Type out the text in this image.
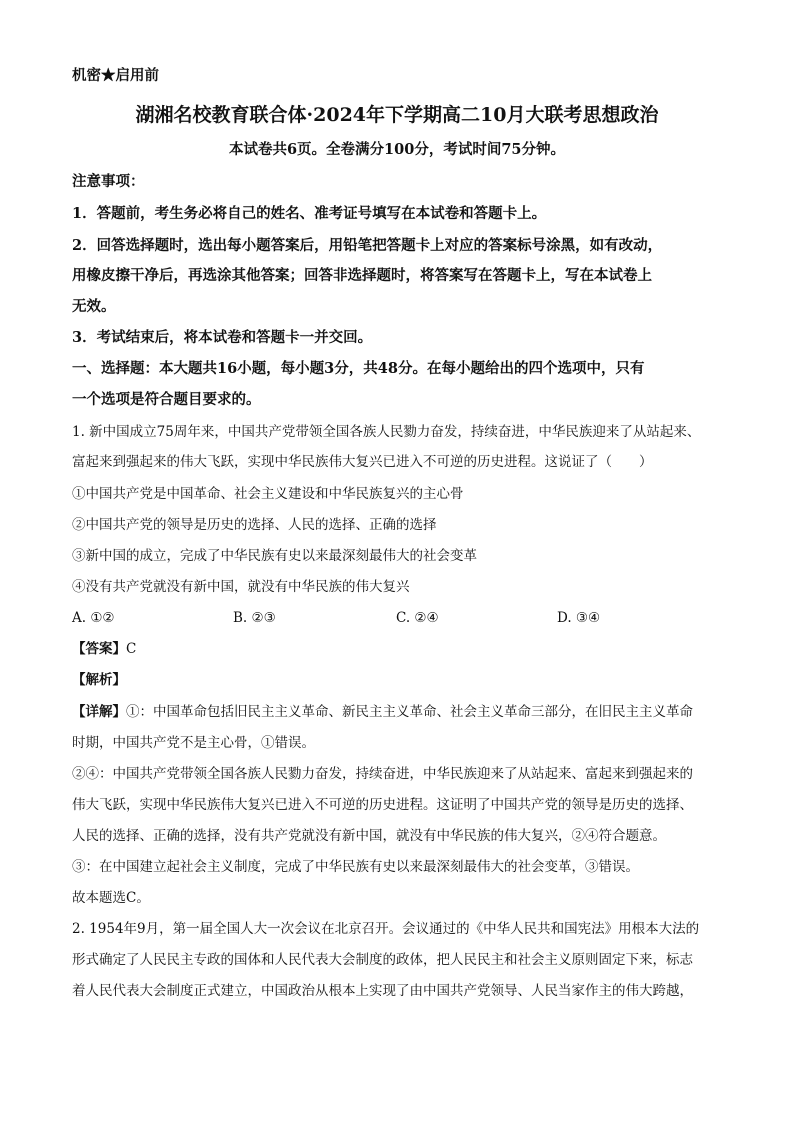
机密★启用前
湖湘名校教育联合体·2024年下学期高二10月大联考思想政治
本试卷共6页。全卷满分100分，考试时间75分钟。
注意事项：
1．答题前，考生务必将自己的姓名、准考证号填写在本试卷和答题卡上。
2．回答选择题时，选出每小题答案后，用铅笔把答题卡上对应的答案标号涂黑，如有改动，
用橡皮擦干净后，再选涂其他答案；回答非选择题时，将答案写在答题卡上，写在本试卷上
无效。
3．考试结束后，将本试卷和答题卡一并交回。
一、选择题：本大题共16小题，每小题3分，共48分。在每小题给出的四个选项中，只有
一个选项是符合题目要求的。
1. 新中国成立75周年来，中国共产党带领全国各族人民勠力奋发，持续奋进，中华民族迎来了从站起来、
富起来到强起来的伟大飞跃，实现中华民族伟大复兴已进入不可逆的历史进程。这说证了（　　）
①中国共产党是中国革命、社会主义建设和中华民族复兴的主心骨
②中国共产党的领导是历史的选择、人民的选择、正确的选择
③新中国的成立，完成了中华民族有史以来最深刻最伟大的社会变革
④没有共产党就没有新中国，就没有中华民族的伟大复兴
A. ①②	B. ②③	C. ②④	D. ③④
【答案】C
【解析】
【详解】①：中国革命包括旧民主主义革命、新民主主义革命、社会主义革命三部分，在旧民主主义革命
时期，中国共产党不是主心骨，①错误。
②④：中国共产党带领全国各族人民勠力奋发，持续奋进，中华民族迎来了从站起来、富起来到强起来的
伟大飞跃，实现中华民族伟大复兴已进入不可逆的历史进程。这证明了中国共产党的领导是历史的选择、
人民的选择、正确的选择，没有共产党就没有新中国，就没有中华民族的伟大复兴，②④符合题意。
③：在中国建立起社会主义制度，完成了中华民族有史以来最深刻最伟大的社会变革，③错误。
故本题选C。
2. 1954年9月，第一届全国人大一次会议在北京召开。会议通过的《中华人民共和国宪法》用根本大法的
形式确定了人民民主专政的国体和人民代表大会制度的政体，把人民民主和社会主义原则固定下来，标志
着人民代表大会制度正式建立，中国政治从根本上实现了由中国共产党领导、人民当家作主的伟大跨越，
